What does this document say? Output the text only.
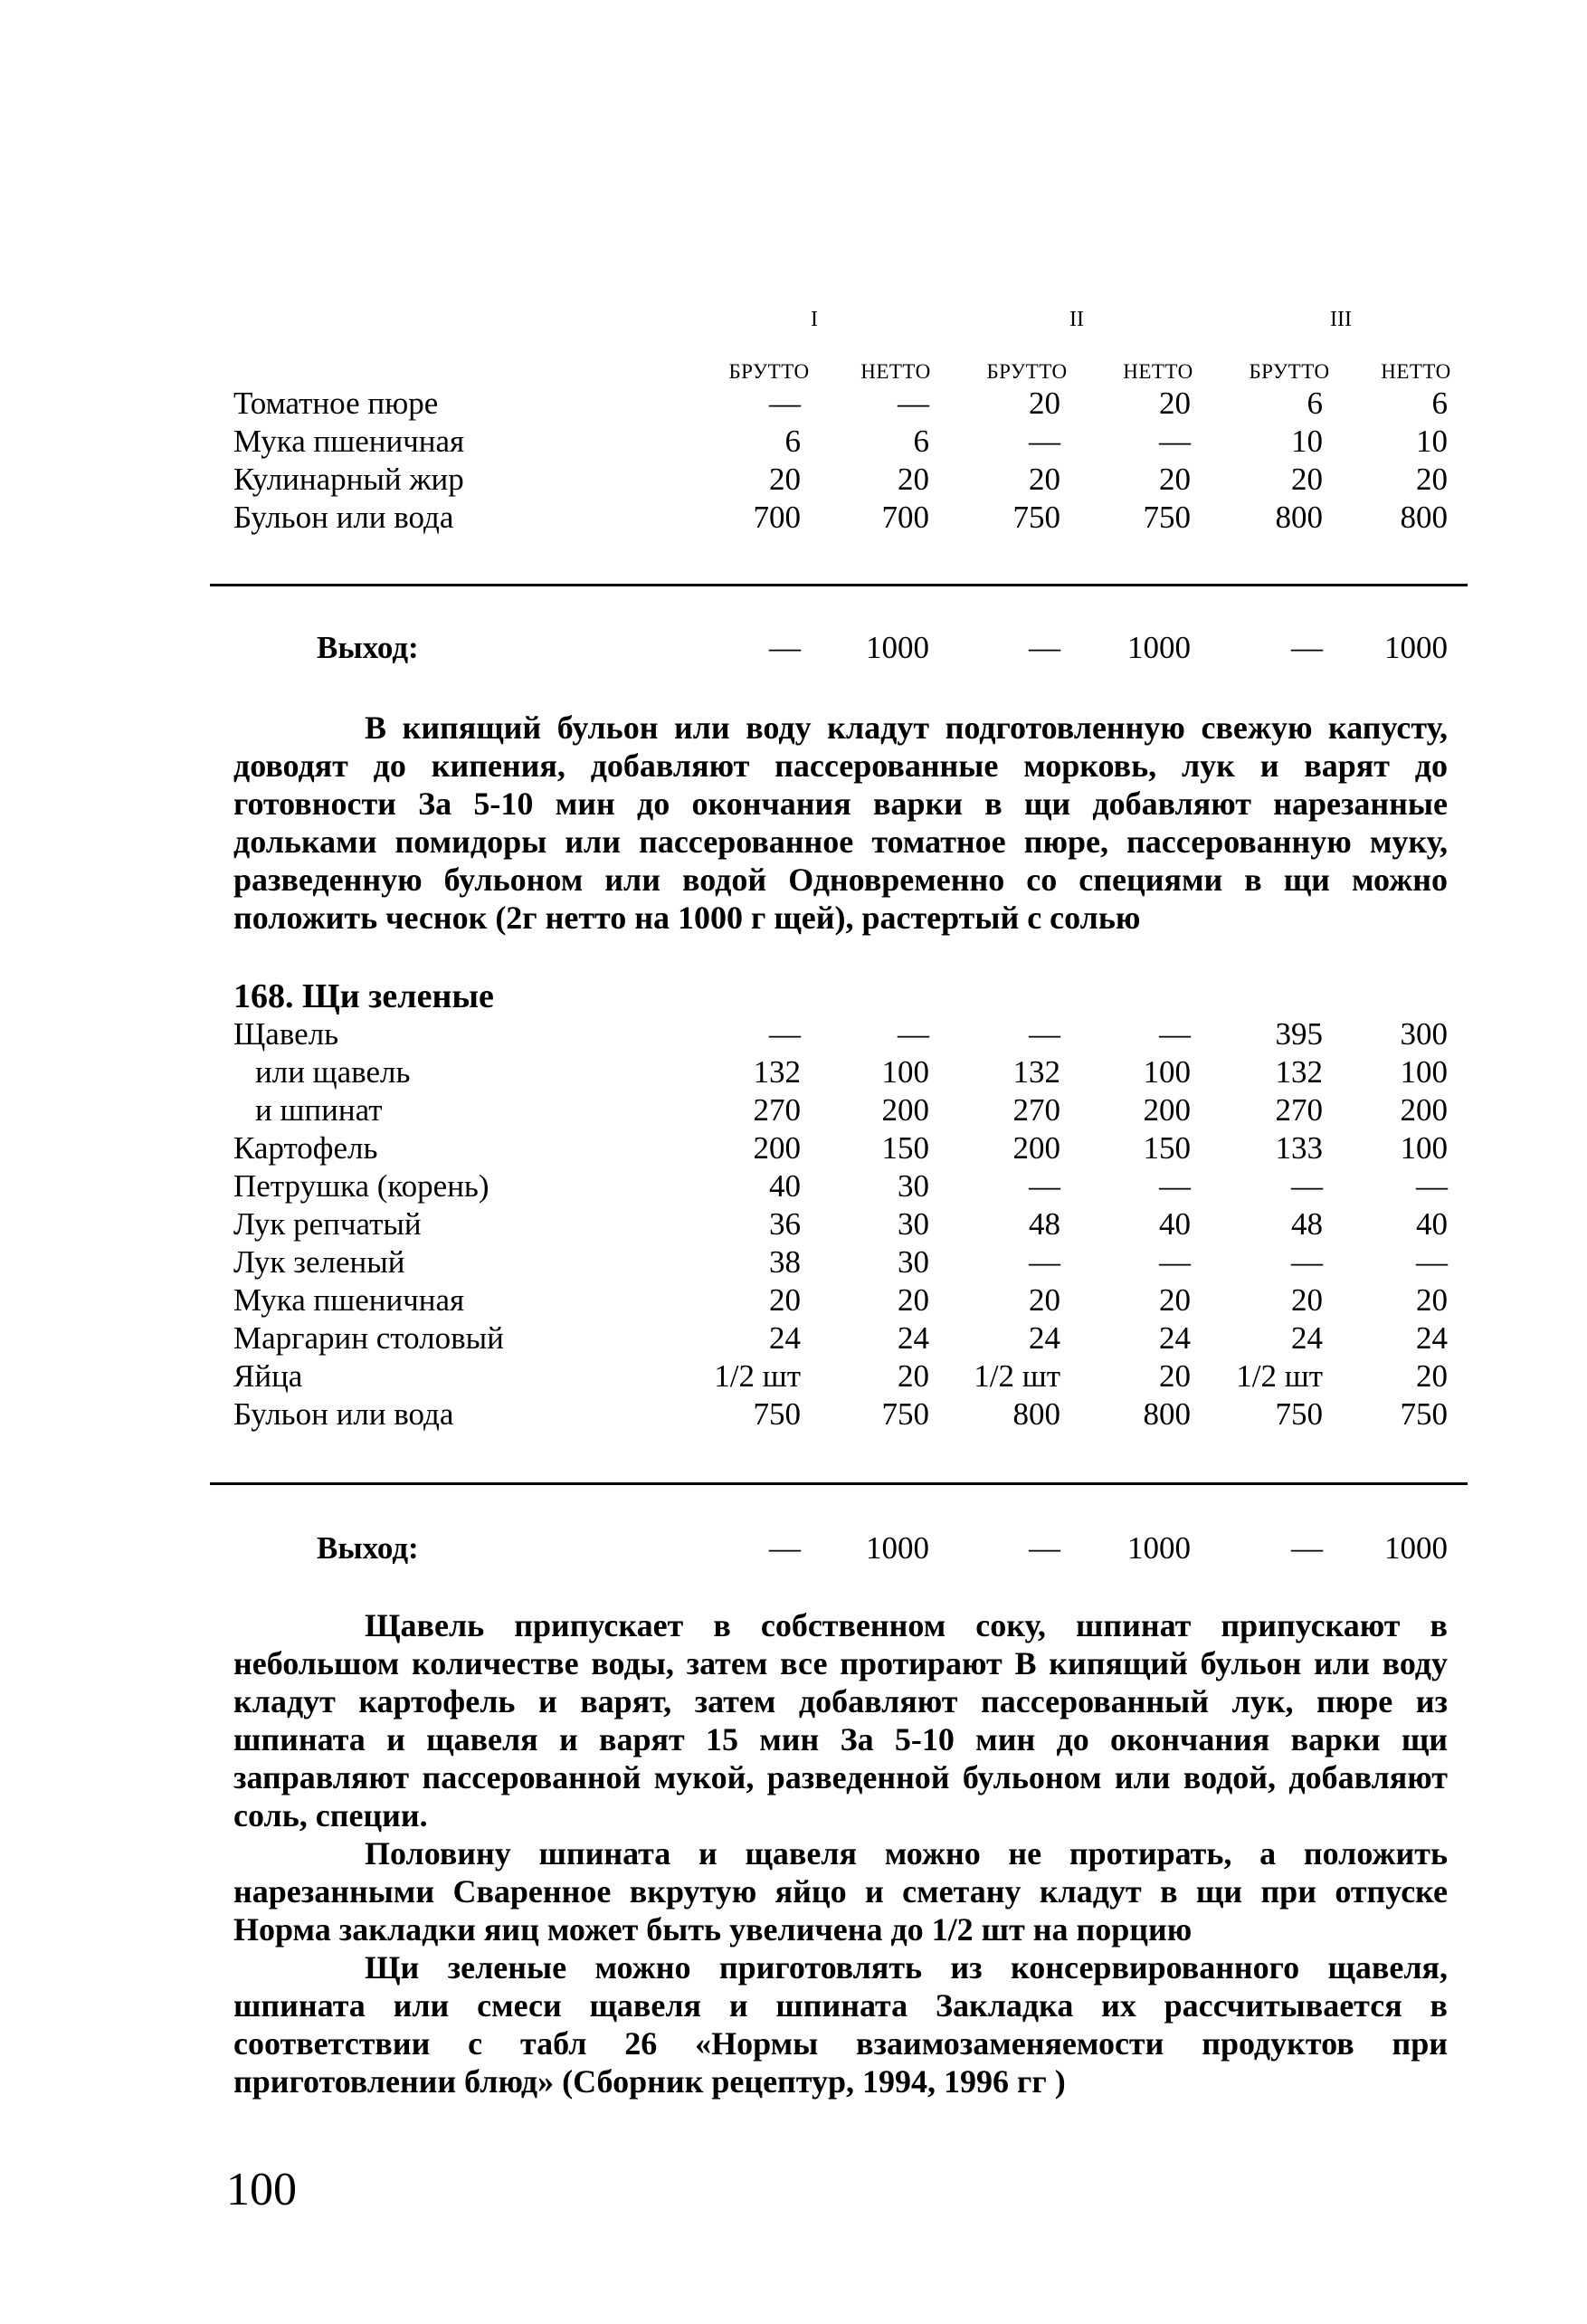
I	II	III
БРУТТО	НЕТТО	БРУТТО	НЕТТО	БРУТТО	НЕТТО
Томатное пюре	—	—	20	20	6	6
Мука пшеничная	6	6	—	—	10	10
Кулинарный жир	20	20	20	20	20	20
Бульон или вода	700	700	750	750	800	800
Выход:	—	1000	—	1000	—	1000

В кипящий бульон или воду кладут подготовленную свежую капусту, доводят до кипения, добавляют пассерованные морковь, лук и варят до готовности За 5-10 мин до окончания варки в щи добавляют нарезанные дольками помидоры или пассерованное томатное пюре, пассерованную муку, разведенную бульоном или водой Одновременно со специями в щи можно положить чеснок (2г нетто на 1000 г щей), растертый с солью

168. Щи зеленые
Щавель	—	—	—	—	395	300
или щавель	132	100	132	100	132	100
и шпинат	270	200	270	200	270	200
Картофель	200	150	200	150	133	100
Петрушка (корень)	40	30	—	—	—	—
Лук репчатый	36	30	48	40	48	40
Лук зеленый	38	30	—	—	—	—
Мука пшеничная	20	20	20	20	20	20
Маргарин столовый	24	24	24	24	24	24
Яйца	1/2 шт	20	1/2 шт	20	1/2 шт	20
Бульон или вода	750	750	800	800	750	750
Выход:	—	1000	—	1000	—	1000

Щавель припускает в собственном соку, шпинат припускают в небольшом количестве воды, затем все протирают В кипящий бульон или воду кладут картофель и варят, затем добавляют пассерованный лук, пюре из шпината и щавеля и варят 15 мин За 5-10 мин до окончания варки щи заправляют пассерованной мукой, разведенной бульоном или водой, добавляют соль, специи.

Половину шпината и щавеля можно не протирать, а положить нарезанными Сваренное вкрутую яйцо и сметану кладут в щи при отпуске Норма закладки яиц может быть увеличена до 1/2 шт на порцию

Щи зеленые можно приготовлять из консервированного щавеля, шпината или смеси щавеля и шпината Закладка их рассчитывается в соответствии с табл 26 «Нормы взаимозаменяемости продуктов при приготовлении блюд» (Сборник рецептур, 1994, 1996 гг )

100
